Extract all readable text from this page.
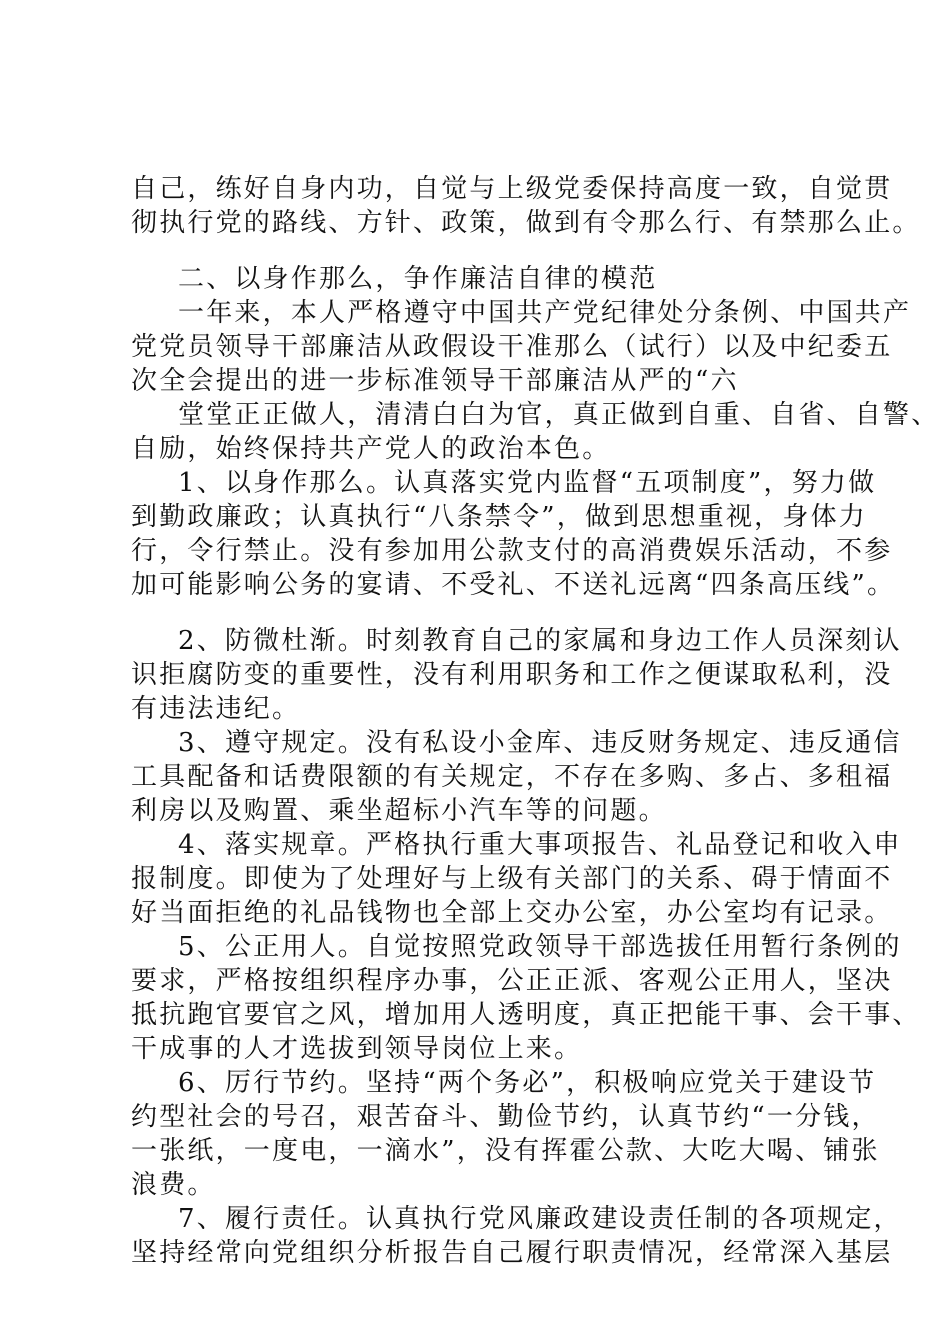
自己，练好自身内功，自觉与上级党委保持高度一致，自觉贯
彻执行党的路线、方针、政策，做到有令那么行、有禁那么止。
二、以身作那么，争作廉洁自律的模范
一年来，本人严格遵守中国共产党纪律处分条例、中国共产
党党员领导干部廉洁从政假设干准那么（试行）以及中纪委五
次全会提出的进一步标准领导干部廉洁从严的“六
堂堂正正做人，清清白白为官，真正做到自重、自省、自警、
自励，始终保持共产党人的政治本色。
1、以身作那么。认真落实党内监督“五项制度”，努力做
到勤政廉政；认真执行“八条禁令”，做到思想重视，身体力
行，令行禁止。没有参加用公款支付的高消费娱乐活动，不参
加可能影响公务的宴请、不受礼、不送礼远离“四条高压线”。
2、防微杜渐。时刻教育自己的家属和身边工作人员深刻认
识拒腐防变的重要性，没有利用职务和工作之便谋取私利，没
有违法违纪。
3、遵守规定。没有私设小金库、违反财务规定、违反通信
工具配备和话费限额的有关规定，不存在多购、多占、多租福
利房以及购置、乘坐超标小汽车等的问题。
4、落实规章。严格执行重大事项报告、礼品登记和收入申
报制度。即使为了处理好与上级有关部门的关系、碍于情面不
好当面拒绝的礼品钱物也全部上交办公室，办公室均有记录。
5、公正用人。自觉按照党政领导干部选拔任用暂行条例的
要求，严格按组织程序办事，公正正派、客观公正用人，坚决
抵抗跑官要官之风，增加用人透明度，真正把能干事、会干事、
干成事的人才选拔到领导岗位上来。
6、厉行节约。坚持“两个务必”，积极响应党关于建设节
约型社会的号召，艰苦奋斗、勤俭节约，认真节约“一分钱，
一张纸，一度电，一滴水”，没有挥霍公款、大吃大喝、铺张
浪费。
7、履行责任。认真执行党风廉政建设责任制的各项规定，
坚持经常向党组织分析报告自己履行职责情况，经常深入基层
